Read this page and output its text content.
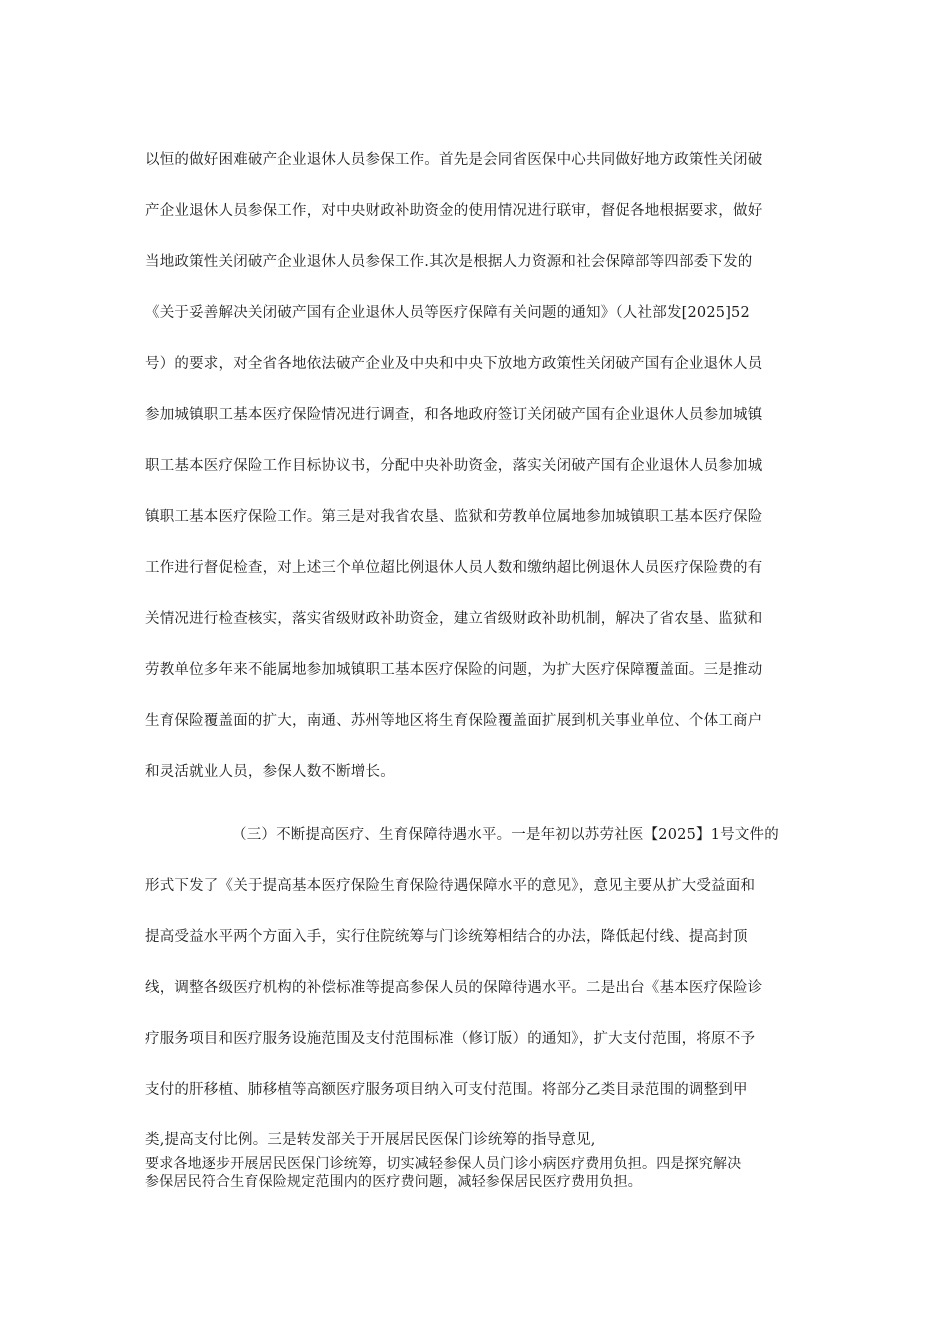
以恒的做好困难破产企业退休人员参保工作。首先是会同省医保中心共同做好地方政策性关闭破
产企业退休人员参保工作，对中央财政补助资金的使用情况进行联审，督促各地根据要求，做好
当地政策性关闭破产企业退休人员参保工作.其次是根据人力资源和社会保障部等四部委下发的
《关于妥善解决关闭破产国有企业退休人员等医疗保障有关问题的通知》（人社部发[2025]52
号）的要求，对全省各地依法破产企业及中央和中央下放地方政策性关闭破产国有企业退休人员
参加城镇职工基本医疗保险情况进行调查，和各地政府签订关闭破产国有企业退休人员参加城镇
职工基本医疗保险工作目标协议书，分配中央补助资金，落实关闭破产国有企业退休人员参加城
镇职工基本医疗保险工作。第三是对我省农垦、监狱和劳教单位属地参加城镇职工基本医疗保险
工作进行督促检查，对上述三个单位超比例退休人员人数和缴纳超比例退休人员医疗保险费的有
关情况进行检查核实，落实省级财政补助资金，建立省级财政补助机制，解决了省农垦、监狱和
劳教单位多年来不能属地参加城镇职工基本医疗保险的问题，为扩大医疗保障覆盖面。三是推动
生育保险覆盖面的扩大，南通、苏州等地区将生育保险覆盖面扩展到机关事业单位、个体工商户
和灵活就业人员，参保人数不断增长。
（三）不断提高医疗、生育保障待遇水平。一是年初以苏劳社医【2025】1号文件的
形式下发了《关于提高基本医疗保险生育保险待遇保障水平的意见》，意见主要从扩大受益面和
提高受益水平两个方面入手，实行住院统筹与门诊统筹相结合的办法，降低起付线、提高封顶
线，调整各级医疗机构的补偿标准等提高参保人员的保障待遇水平。二是出台《基本医疗保险诊
疗服务项目和医疗服务设施范围及支付范围标准（修订版）的通知》，扩大支付范围，将原不予
支付的肝移植、肺移植等高额医疗服务项目纳入可支付范围。将部分乙类目录范围的调整到甲
类,提高支付比例。三是转发部关于开展居民医保门诊统筹的指导意见,
要求各地逐步开展居民医保门诊统筹，切实减轻参保人员门诊小病医疗费用负担。四是探究解决
参保居民符合生育保险规定范围内的医疗费问题，减轻参保居民医疗费用负担。
